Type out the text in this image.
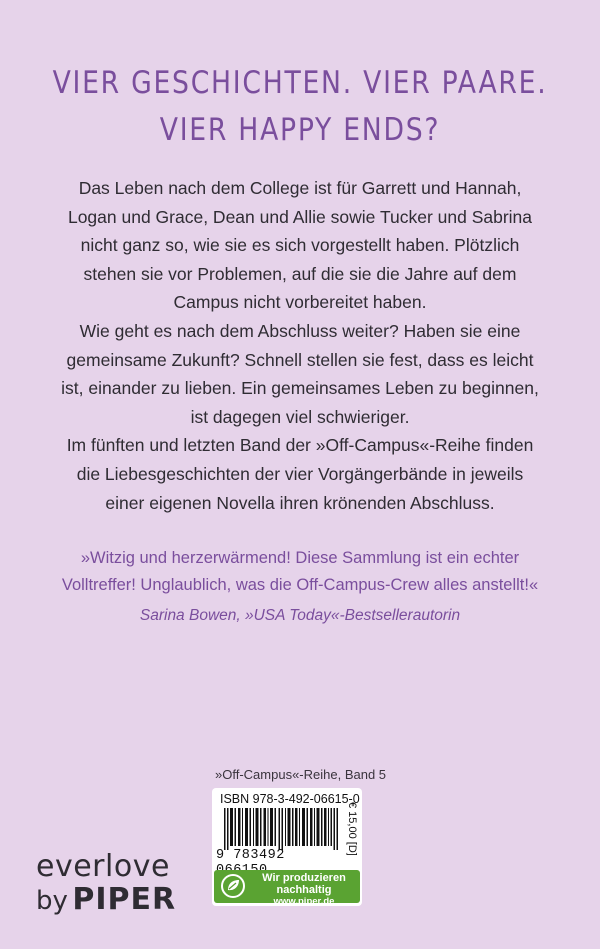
VIER GESCHICHTEN. VIER PAARE.
VIER HAPPY ENDS?

Das Leben nach dem College ist für Garrett und Hannah, Logan und Grace, Dean und Allie sowie Tucker und Sabrina nicht ganz so, wie sie es sich vorgestellt haben. Plötzlich stehen sie vor Problemen, auf die sie die Jahre auf dem Campus nicht vorbereitet haben.

Wie geht es nach dem Abschluss weiter? Haben sie eine gemeinsame Zukunft? Schnell stellen sie fest, dass es leicht ist, einander zu lieben. Ein gemeinsames Leben zu beginnen, ist dagegen viel schwieriger.

Im fünften und letzten Band der »Off-Campus«-Reihe finden die Liebesgeschichten der vier Vorgängerbände in jeweils einer eigenen Novella ihren krönenden Abschluss.

»Witzig und herzerwärmend! Diese Sammlung ist ein echter Volltreffer! Unglaublich, was die Off-Campus-Crew alles anstellt!«

Sarina Bowen, »USA Today«-Bestsellerautorin

»Off-Campus«-Reihe, Band 5
ISBN 978-3-492-06615-0
9 783492	€ 15,00 [D]
Wir produzieren
nachhaltig
www.piper.de
everlove
by PIPER
